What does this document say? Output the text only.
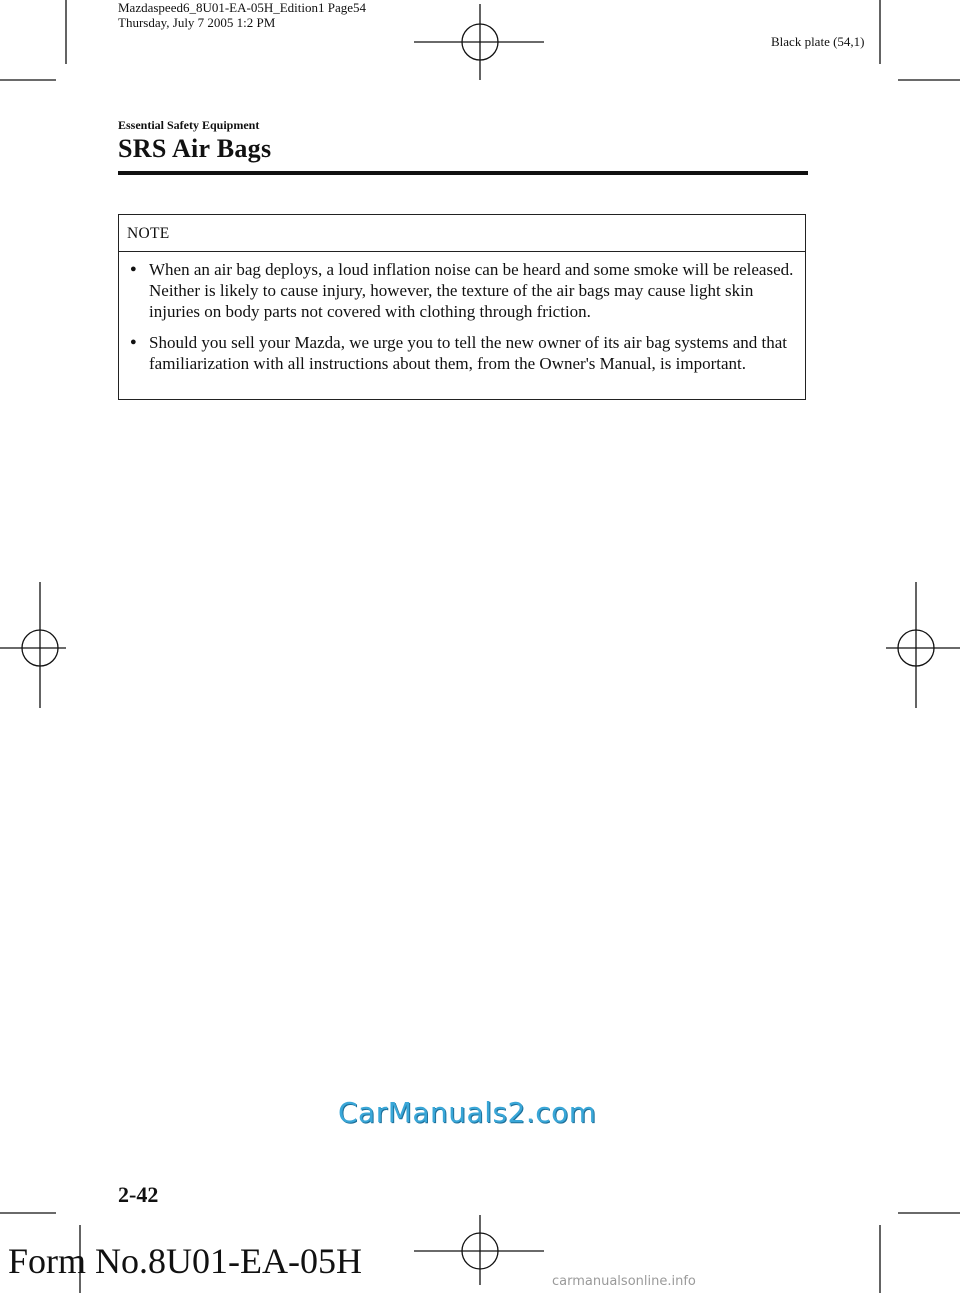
Mazdaspeed6_8U01-EA-05H_Edition1 Page54
Thursday, July 7 2005 1:2 PM
Black plate (54,1)
Essential Safety Equipment
SRS Air Bags
NOTE
● When an air bag deploys, a loud inflation noise can be heard and some smoke will be released. Neither is likely to cause injury, however, the texture of the air bags may cause light skin injuries on body parts not covered with clothing through friction.
● Should you sell your Mazda, we urge you to tell the new owner of its air bag systems and that familiarization with all instructions about them, from the Owner's Manual, is important.
CarManuals2.com
2-42
Form No.8U01-EA-05H
carmanualsonline.info
